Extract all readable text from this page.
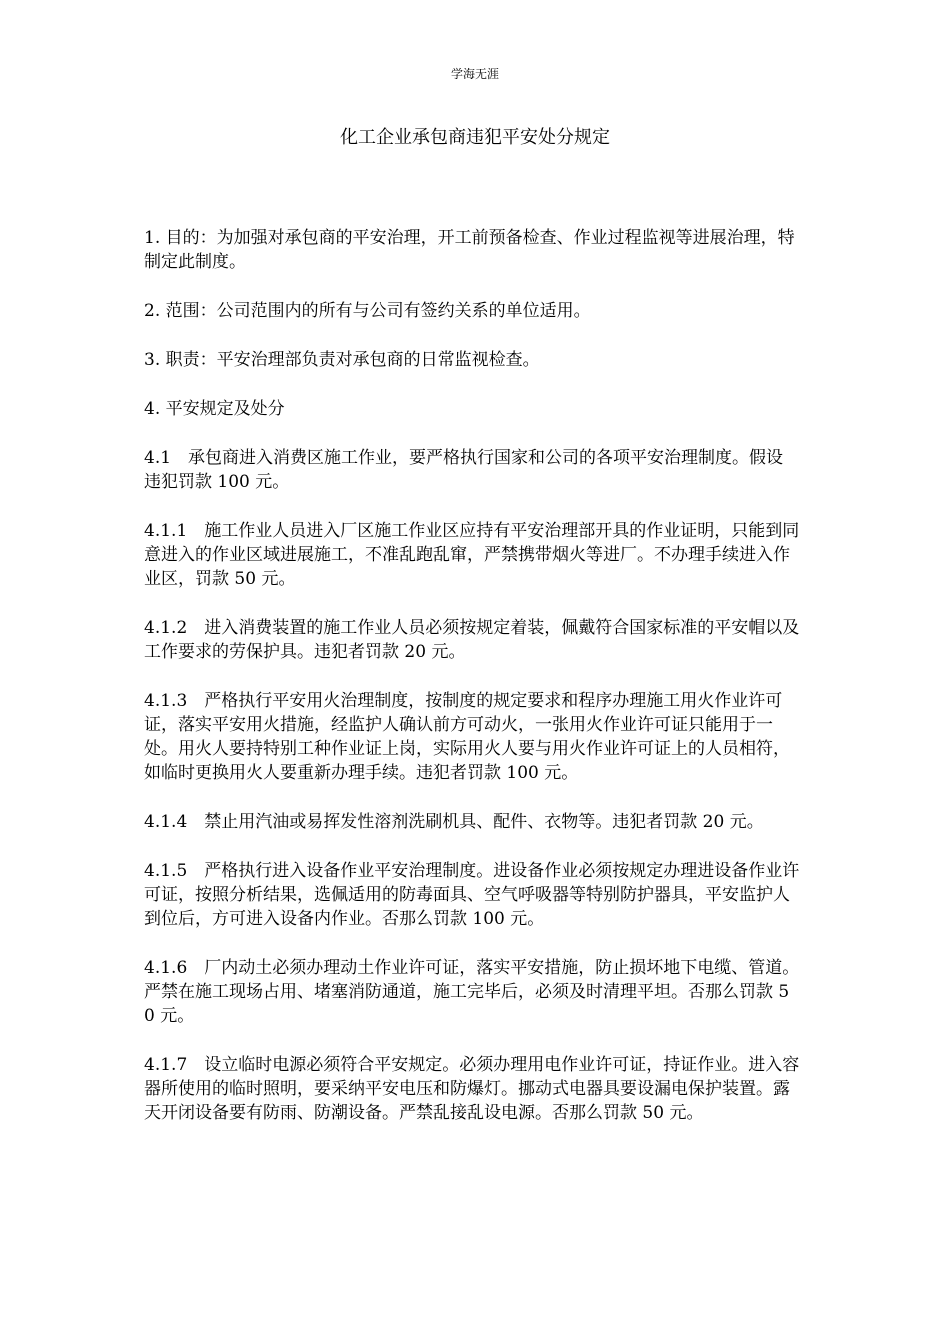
学海无涯
化工企业承包商违犯平安处分规定

1. 目的：为加强对承包商的平安治理，开工前预备检查、作业过程监视等进展治理，特制定此制度。

2. 范围：公司范围内的所有与公司有签约关系的单位适用。

3. 职责：平安治理部负责对承包商的日常监视检查。

4. 平安规定及处分

4.1　承包商进入消费区施工作业，要严格执行国家和公司的各项平安治理制度。假设违犯罚款 100 元。

4.1.1　施工作业人员进入厂区施工作业区应持有平安治理部开具的作业证明，只能到同意进入的作业区域进展施工，不准乱跑乱窜，严禁携带烟火等进厂。不办理手续进入作业区，罚款 50 元。

4.1.2　进入消费装置的施工作业人员必须按规定着装，佩戴符合国家标准的平安帽以及工作要求的劳保护具。违犯者罚款 20 元。

4.1.3　严格执行平安用火治理制度，按制度的规定要求和程序办理施工用火作业许可证，落实平安用火措施，经监护人确认前方可动火，一张用火作业许可证只能用于一处。用火人要持特别工种作业证上岗，实际用火人要与用火作业许可证上的人员相符，如临时更换用火人要重新办理手续。违犯者罚款 100 元。

4.1.4　禁止用汽油或易挥发性溶剂洗刷机具、配件、衣物等。违犯者罚款 20 元。

4.1.5　严格执行进入设备作业平安治理制度。进设备作业必须按规定办理进设备作业许可证，按照分析结果，选佩适用的防毒面具、空气呼吸器等特别防护器具，平安监护人到位后，方可进入设备内作业。否那么罚款 100 元。

4.1.6　厂内动土必须办理动土作业许可证，落实平安措施，防止损坏地下电缆、管道。严禁在施工现场占用、堵塞消防通道，施工完毕后，必须及时清理平坦。否那么罚款 50 元。

4.1.7　设立临时电源必须符合平安规定。必须办理用电作业许可证，持证作业。进入容器所使用的临时照明，要采纳平安电压和防爆灯。挪动式电器具要设漏电保护装置。露天开闭设备要有防雨、防潮设备。严禁乱接乱设电源。否那么罚款 50 元。
